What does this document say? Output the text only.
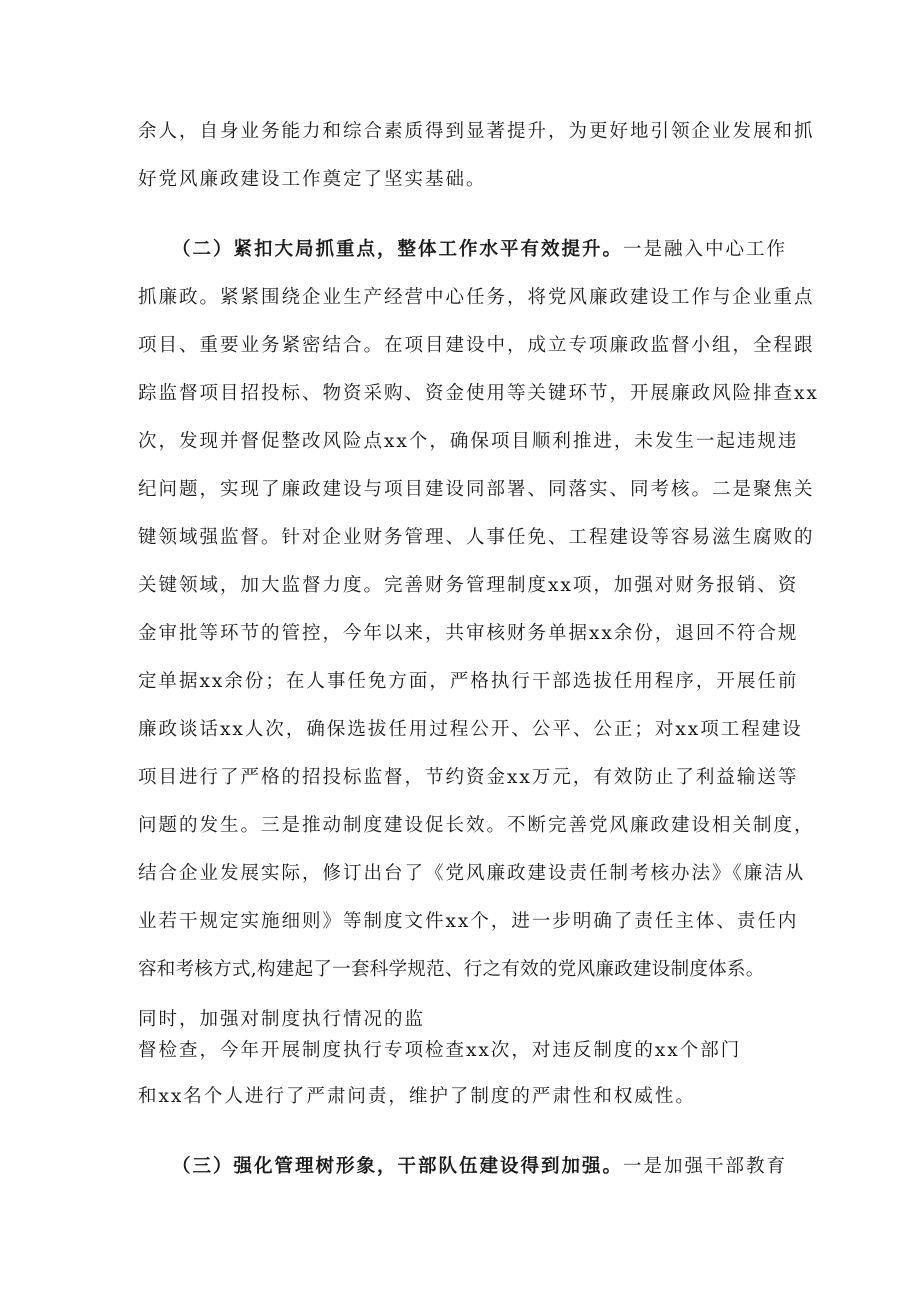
余人，自身业务能力和综合素质得到显著提升，为更好地引领企业发展和抓
好党风廉政建设工作奠定了坚实基础。
（二）紧扣大局抓重点，整体工作水平有效提升。一是融入中心工作
抓廉政。紧紧围绕企业生产经营中心任务，将党风廉政建设工作与企业重点
项目、重要业务紧密结合。在项目建设中，成立专项廉政监督小组，全程跟
踪监督项目招投标、物资采购、资金使用等关键环节，开展廉政风险排查xx
次，发现并督促整改风险点xx个，确保项目顺利推进，未发生一起违规违
纪问题，实现了廉政建设与项目建设同部署、同落实、同考核。二是聚焦关
键领域强监督。针对企业财务管理、人事任免、工程建设等容易滋生腐败的
关键领域，加大监督力度。完善财务管理制度xx项，加强对财务报销、资
金审批等环节的管控，今年以来，共审核财务单据xx余份，退回不符合规
定单据xx余份；在人事任免方面，严格执行干部选拔任用程序，开展任前
廉政谈话xx人次，确保选拔任用过程公开、公平、公正；对xx项工程建设
项目进行了严格的招投标监督，节约资金xx万元，有效防止了利益输送等
问题的发生。三是推动制度建设促长效。不断完善党风廉政建设相关制度，
结合企业发展实际，修订出台了《党风廉政建设责任制考核办法》《廉洁从
业若干规定实施细则》等制度文件xx个，进一步明确了责任主体、责任内
容和考核方式,构建起了一套科学规范、行之有效的党风廉政建设制度体系。
同时，加强对制度执行情况的监
督检查，今年开展制度执行专项检查xx次，对违反制度的xx个部门
和xx名个人进行了严肃问责，维护了制度的严肃性和权威性。
（三）强化管理树形象，干部队伍建设得到加强。一是加强干部教育
